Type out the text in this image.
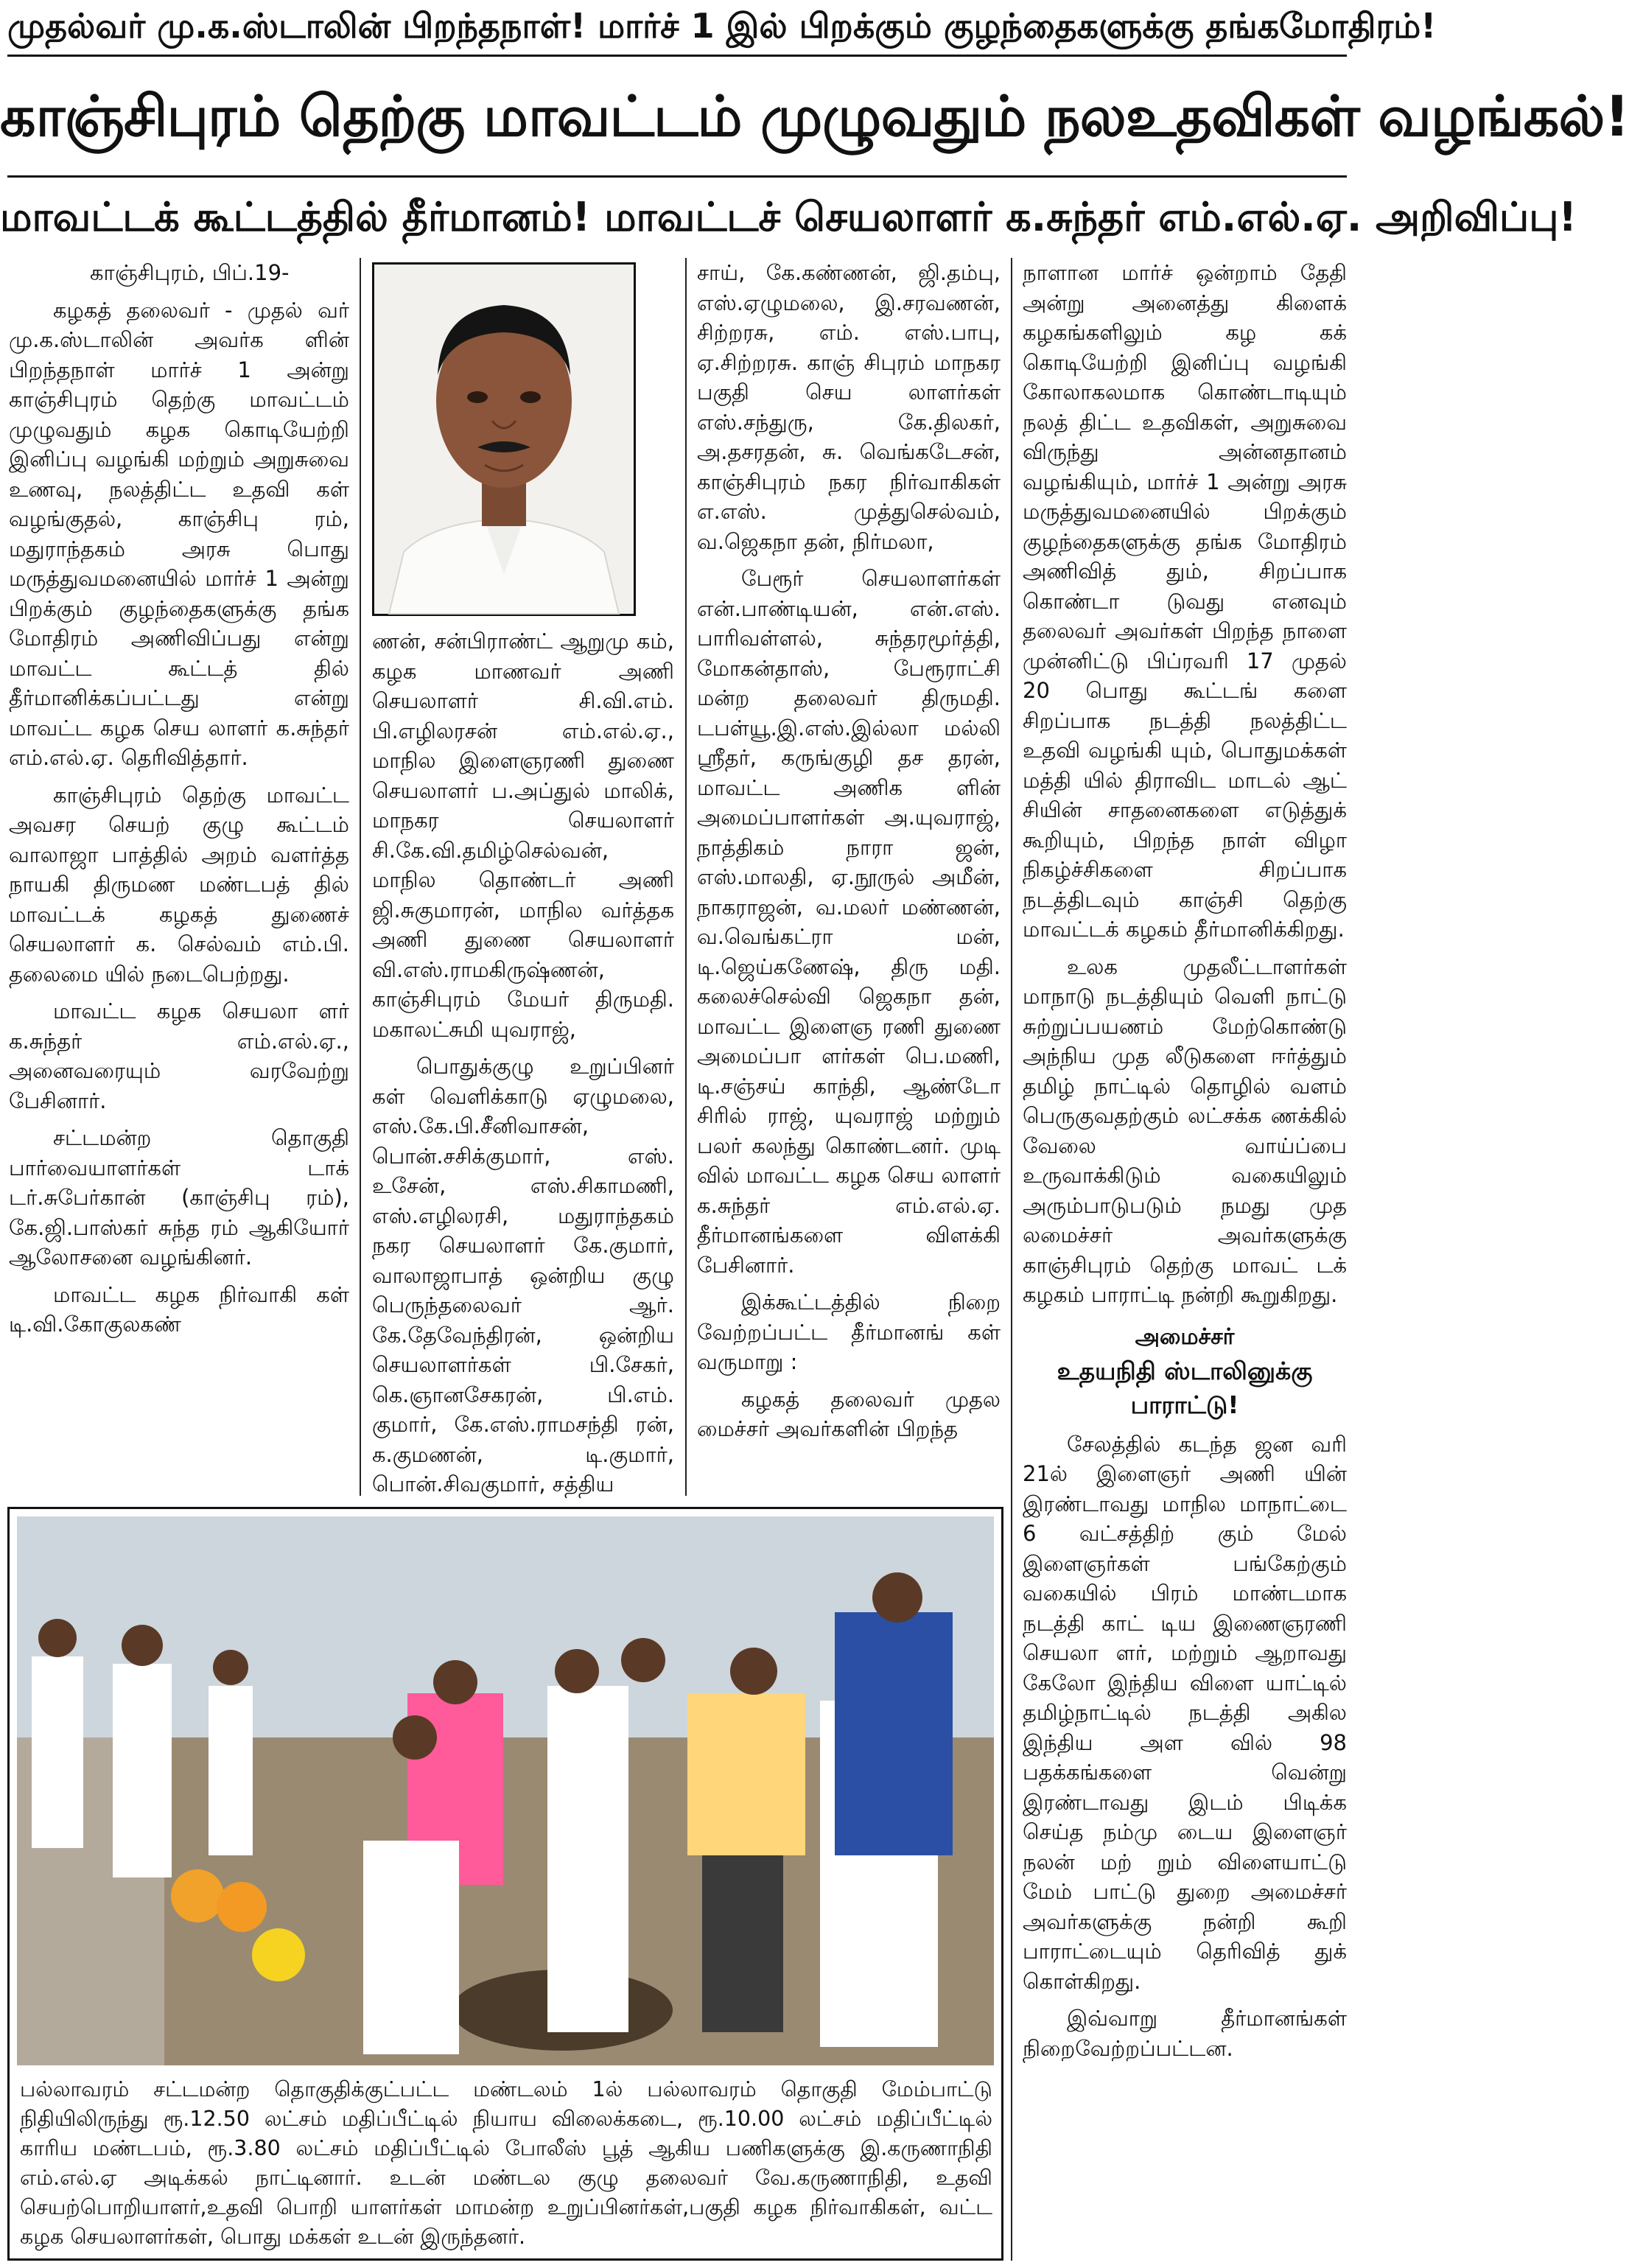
முதல்வர் மு.க.ஸ்டாலின் பிறந்தநாள்! மார்ச் 1 இல் பிறக்கும் குழந்தைகளுக்கு தங்கமோதிரம்!
காஞ்சிபுரம் தெற்கு மாவட்டம் முழுவதும் நலஉதவிகள் வழங்கல்!
மாவட்டக் கூட்டத்தில் தீர்மானம்! மாவட்டச் செயலாளர் க.சுந்தர் எம்.எல்.ஏ. அறிவிப்பு!

காஞ்சிபுரம், பிப்.19-

கழகத் தலைவர் - முதல் வர் மு.க.ஸ்டாலின் அவர்க ளின் பிறந்தநாள் மார்ச் 1 அன்று காஞ்சிபுரம் தெற்கு மாவட்டம் முழுவதும் கழக கொடியேற்றி இனிப்பு வழங்கி மற்றும் அறுசுவை உணவு, நலத்திட்ட உதவி கள் வழங்குதல், காஞ்சிபு ரம், மதுராந்தகம் அரசு பொது மருத்துவமனையில் மார்ச் 1 அன்று பிறக்கும் குழந்தைகளுக்கு தங்க மோதிரம் அணிவிப்பது என்று மாவட்ட கூட்டத் தில் தீர்மானிக்கப்பட்டது என்று மாவட்ட கழக செய லாளர் க.சுந்தர் எம்.எல்.ஏ. தெரிவித்தார்.

காஞ்சிபுரம் தெற்கு மாவட்ட அவசர செயற் குழு கூட்டம் வாலாஜா பாத்தில் அறம் வளர்த்த நாயகி திருமண மண்டபத் தில் மாவட்டக் கழகத் துணைச் செயலாளர் க. செல்வம் எம்.பி. தலைமை யில் நடைபெற்றது.

மாவட்ட கழக செயலா ளர் க.சுந்தர் எம்.எல்.ஏ., அனைவரையும் வரவேற்று பேசினார்.

சட்டமன்ற தொகுதி பார்வையாளர்கள் டாக் டர்.சுபேர்கான் (காஞ்சிபு ரம்), கே.ஜி.பாஸ்கர் சுந்த ரம் ஆகியோர் ஆலோசனை வழங்கினர்.

மாவட்ட கழக நிர்வாகி கள் டி.வி.கோகுலகண்

ணன், சன்பிராண்ட் ஆறுமு கம், கழக மாணவர் அணி செயலாளர் சி.வி.எம். பி.எழிலரசன் எம்.எல்.ஏ., மாநில இளைஞரணி துணை செயலாளர் ப.அப்துல் மாலிக், மாநகர செயலாளர் சி.கே.வி.தமிழ்செல்வன், மாநில தொண்டர் அணி ஜி.சுகுமாரன், மாநில வர்த்தக அணி துணை செயலாளர் வி.எஸ்.ராமகிருஷ்ணன், காஞ்சிபுரம் மேயர் திருமதி. மகாலட்சுமி யுவராஜ்,

பொதுக்குழு உறுப்பினர் கள் வெளிக்காடு ஏழுமலை, எஸ்.கே.பி.சீனிவாசன், பொன்.சசிக்குமார், எஸ். உசேன், எஸ்.சிகாமணி, எஸ்.எழிலரசி, மதுராந்தகம் நகர செயலாளர் கே.குமார், வாலாஜாபாத் ஒன்றிய குழு பெருந்தலைவர் ஆர். கே.தேவேந்திரன், ஒன்றிய செயலாளர்கள் பி.சேகர், கெ.ஞானசேகரன், பி.எம். குமார், கே.எஸ்.ராமசந்தி ரன், க.குமணன், டி.குமார், பொன்.சிவகுமார், சத்திய

சாய், கே.கண்ணன், ஜி.தம்பு, எஸ்.ஏழுமலை, இ.சரவணன், சிற்றரசு, எம். எஸ்.பாபு, ஏ.சிற்றரசு. காஞ் சிபுரம் மாநகர பகுதி செய லாளர்கள் எஸ்.சந்துரு, கே.திலகர், அ.தசரதன், சு. வெங்கடேசன், காஞ்சிபுரம் நகர நிர்வாகிகள் எ.எஸ். முத்துசெல்வம், வ.ஜெகநா தன், நிர்மலா,

பேரூர் செயலாளர்கள் என்.பாண்டியன், என்.எஸ். பாரிவள்ளல், சுந்தரமூர்த்தி, மோகன்தாஸ், பேரூராட்சி மன்ற தலைவர் திருமதி. டபள்யூ.இ.எஸ்.இல்லா மல்லி ஸ்ரீதர், கருங்குழி தச தரன், மாவட்ட அணிக ளின் அமைப்பாளர்கள் அ.யுவராஜ், நாத்திகம் நாரா ஜன், எஸ்.மாலதி, ஏ.நூருல் அமீன், நாகராஜன், வ.மலர் மண்ணன், வ.வெங்கட்ரா மன், டி.ஜெய்கணேஷ், திரு மதி. கலைச்செல்வி ஜெகநா தன், மாவட்ட இளைஞ ரணி துணை அமைப்பா ளர்கள் பெ.மணி, டி.சஞ்சய் காந்தி, ஆண்டோ சிரில் ராஜ், யுவராஜ் மற்றும் பலர் கலந்து கொண்டனர். முடி வில் மாவட்ட கழக செய லாளர் க.சுந்தர் எம்.எல்.ஏ. தீர்மானங்களை விளக்கி பேசினார்.

இக்கூட்டத்தில் நிறை வேற்றப்பட்ட தீர்மானங் கள் வருமாறு :

கழகத் தலைவர் முதல மைச்சர் அவர்களின் பிறந்த

நாளான மார்ச் ஒன்றாம் தேதி அன்று அனைத்து கிளைக் கழகங்களிலும் கழ கக் கொடியேற்றி இனிப்பு வழங்கி கோலாகலமாக கொண்டாடியும் நலத் திட்ட உதவிகள், அறுசுவை விருந்து அன்னதானம் வழங்கியும், மார்ச் 1 அன்று அரசு மருத்துவமனையில் பிறக்கும் குழந்தைகளுக்கு தங்க மோதிரம் அணிவித் தும், சிறப்பாக கொண்டா டுவது எனவும் தலைவர் அவர்கள் பிறந்த நாளை முன்னிட்டு பிப்ரவரி 17 முதல் 20 பொது கூட்டங் களை சிறப்பாக நடத்தி நலத்திட்ட உதவி வழங்கி யும், பொதுமக்கள் மத்தி யில் திராவிட மாடல் ஆட் சியின் சாதனைகளை எடுத்துக் கூறியும், பிறந்த நாள் விழா நிகழ்ச்சிகளை சிறப்பாக நடத்திடவும் காஞ்சி தெற்கு மாவட்டக் கழகம் தீர்மானிக்கிறது.

உலக முதலீட்டாளர்கள் மாநாடு நடத்தியும் வெளி நாட்டு சுற்றுப்பயணம் மேற்கொண்டு அந்நிய முத லீடுகளை ஈர்த்தும் தமிழ் நாட்டில் தொழில் வளம் பெருகுவதற்கும் லட்சக்க ணக்கில் வேலை வாய்ப்பை உருவாக்கிடும் வகையிலும் அரும்பாடுபடும் நமது முத லமைச்சர் அவர்களுக்கு காஞ்சிபுரம் தெற்கு மாவட் டக் கழகம் பாராட்டி நன்றி கூறுகிறது.

அமைச்சர்
உதயநிதி ஸ்டாலினுக்கு
பாராட்டு!

சேலத்தில் கடந்த ஜன வரி 21ல் இளைஞர் அணி யின் இரண்டாவது மாநில மாநாட்டை 6 வட்சத்திற் கும் மேல் இளைஞர்கள் பங்கேற்கும் வகையில் பிரம் மாண்டமாக நடத்தி காட் டிய இணைஞரணி செயலா ளர், மற்றும் ஆறாவது கேலோ இந்திய விளை யாட்டில் தமிழ்நாட்டில் நடத்தி அகில இந்திய அள வில் 98 பதக்கங்களை வென்று இரண்டாவது இடம் பிடிக்க செய்த நம்மு டைய இளைஞர் நலன் மற் றும் விளையாட்டு மேம் பாட்டு துறை அமைச்சர் அவர்களுக்கு நன்றி கூறி பாராட்டையும் தெரிவித் துக் கொள்கிறது.

இவ்வாறு தீர்மானங்கள் நிறைவேற்றப்பட்டன.

பல்லாவரம் சட்டமன்ற தொகுதிக்குட்பட்ட மண்டலம் 1ல் பல்லாவரம் தொகுதி மேம்பாட்டு நிதியிலிருந்து ரூ.12.50 லட்சம் மதிப்பீட்டில் நியாய விலைக்கடை, ரூ.10.00 லட்சம் மதிப்பீட்டில் காரிய மண்டபம், ரூ.3.80 லட்சம் மதிப்பீட்டில் போலீஸ் பூத் ஆகிய பணிகளுக்கு இ.கருணாநிதி எம்.எல்.ஏ அடிக்கல் நாட்டினார். உடன் மண்டல குழு தலைவர் வே.கருணாநிதி, உதவி செயற்பொறியாளர்,உதவி பொறி யாளர்கள் மாமன்ற உறுப்பினர்கள்,பகுதி கழக நிர்வாகிகள், வட்ட கழக செயலாளர்கள், பொது மக்கள் உடன் இருந்தனர்.
